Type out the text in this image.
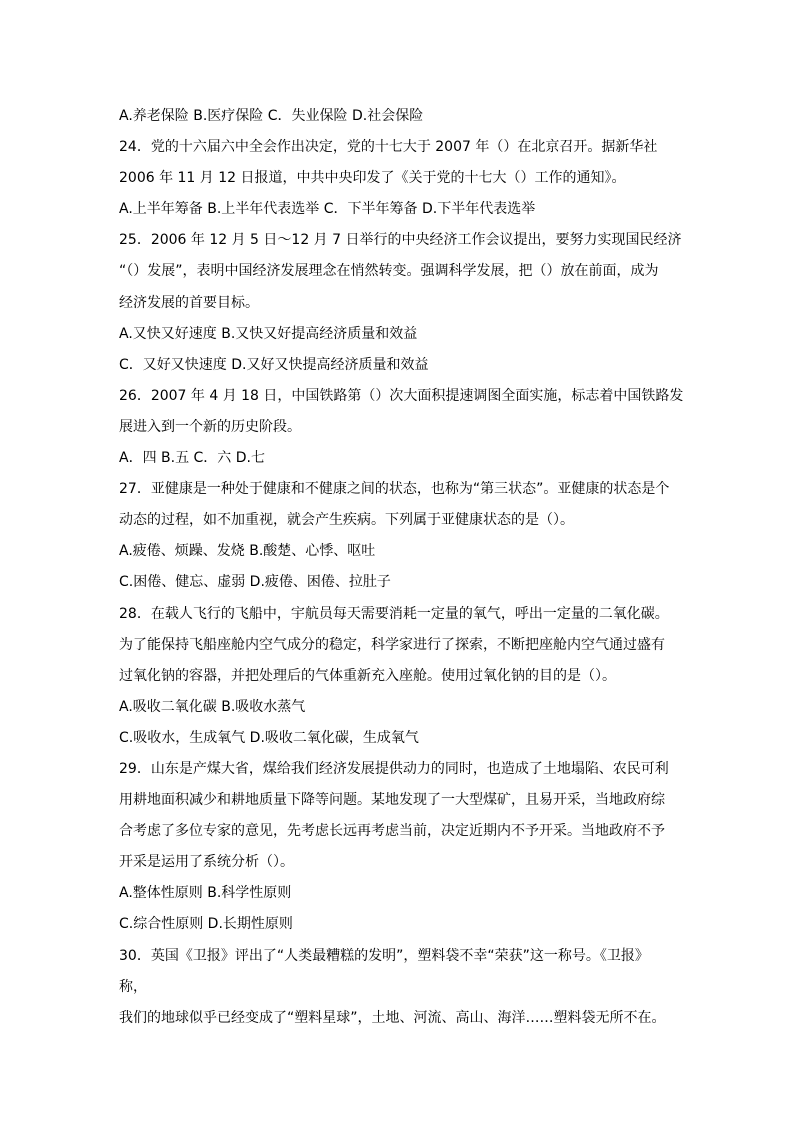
A.养老保险 B.医疗保险 C．失业保险 D.社会保险
24．党的十六届六中全会作出决定，党的十七大于 2007 年（）在北京召开。据新华社
2006 年 11 月 12 日报道，中共中央印发了《关于党的十七大（）工作的通知》。
A.上半年筹备 B.上半年代表选举 C．下半年筹备 D.下半年代表选举
25．2006 年 12 月 5 日～12 月 7 日举行的中央经济工作会议提出，要努力实现国民经济
“（）发展”，表明中国经济发展理念在悄然转变。强调科学发展，把（）放在前面，成为
经济发展的首要目标。
A.又快又好速度 B.又快又好提高经济质量和效益
C．又好又快速度 D.又好又快提高经济质量和效益
26．2007 年 4 月 18 日，中国铁路第（）次大面积提速调图全面实施，标志着中国铁路发
展进入到一个新的历史阶段。
A．四 B.五 C．六 D.七
27．亚健康是一种处于健康和不健康之间的状态，也称为“第三状态”。亚健康的状态是个
动态的过程，如不加重视，就会产生疾病。下列属于亚健康状态的是（）。
A.疲倦、烦躁、发烧 B.酸楚、心悸、呕吐
C.困倦、健忘、虚弱 D.疲倦、困倦、拉肚子
28．在载人飞行的飞船中，宇航员每天需要消耗一定量的氧气，呼出一定量的二氧化碳。
为了能保持飞船座舱内空气成分的稳定，科学家进行了探索，不断把座舱内空气通过盛有
过氧化钠的容器，并把处理后的气体重新充入座舱。使用过氧化钠的目的是（）。
A.吸收二氧化碳 B.吸收水蒸气
C.吸收水，生成氧气 D.吸收二氧化碳，生成氧气
29．山东是产煤大省，煤给我们经济发展提供动力的同时，也造成了土地塌陷、农民可利
用耕地面积减少和耕地质量下降等问题。某地发现了一大型煤矿，且易开采，当地政府综
合考虑了多位专家的意见，先考虑长远再考虑当前，决定近期内不予开采。当地政府不予
开采是运用了系统分析（）。
A.整体性原则 B.科学性原则
C.综合性原则 D.长期性原则
30．英国《卫报》评出了“人类最糟糕的发明”，塑料袋不幸“荣获”这一称号。《卫报》
称，
我们的地球似乎已经变成了“塑料星球”，土地、河流、高山、海洋……塑料袋无所不在。
